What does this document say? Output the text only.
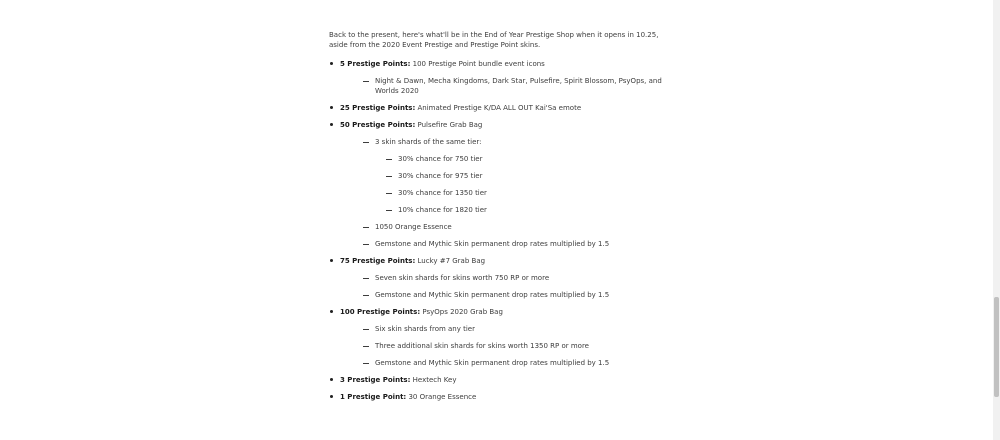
Back to the present, here's what'll be in the End of Year Prestige Shop when it opens in 10.25, aside from the 2020 Event Prestige and Prestige Point skins.

5 Prestige Points: 100 Prestige Point bundle event icons
Night & Dawn, Mecha Kingdoms, Dark Star, Pulsefire, Spirit Blossom, PsyOps, and Worlds 2020
25 Prestige Points: Animated Prestige K/DA ALL OUT Kai'Sa emote
50 Prestige Points: Pulsefire Grab Bag
3 skin shards of the same tier:
30% chance for 750 tier
30% chance for 975 tier
30% chance for 1350 tier
10% chance for 1820 tier
1050 Orange Essence
Gemstone and Mythic Skin permanent drop rates multiplied by 1.5
75 Prestige Points: Lucky #7 Grab Bag
Seven skin shards for skins worth 750 RP or more
Gemstone and Mythic Skin permanent drop rates multiplied by 1.5
100 Prestige Points: PsyOps 2020 Grab Bag
Six skin shards from any tier
Three additional skin shards for skins worth 1350 RP or more
Gemstone and Mythic Skin permanent drop rates multiplied by 1.5
3 Prestige Points: Hextech Key
1 Prestige Point: 30 Orange Essence
